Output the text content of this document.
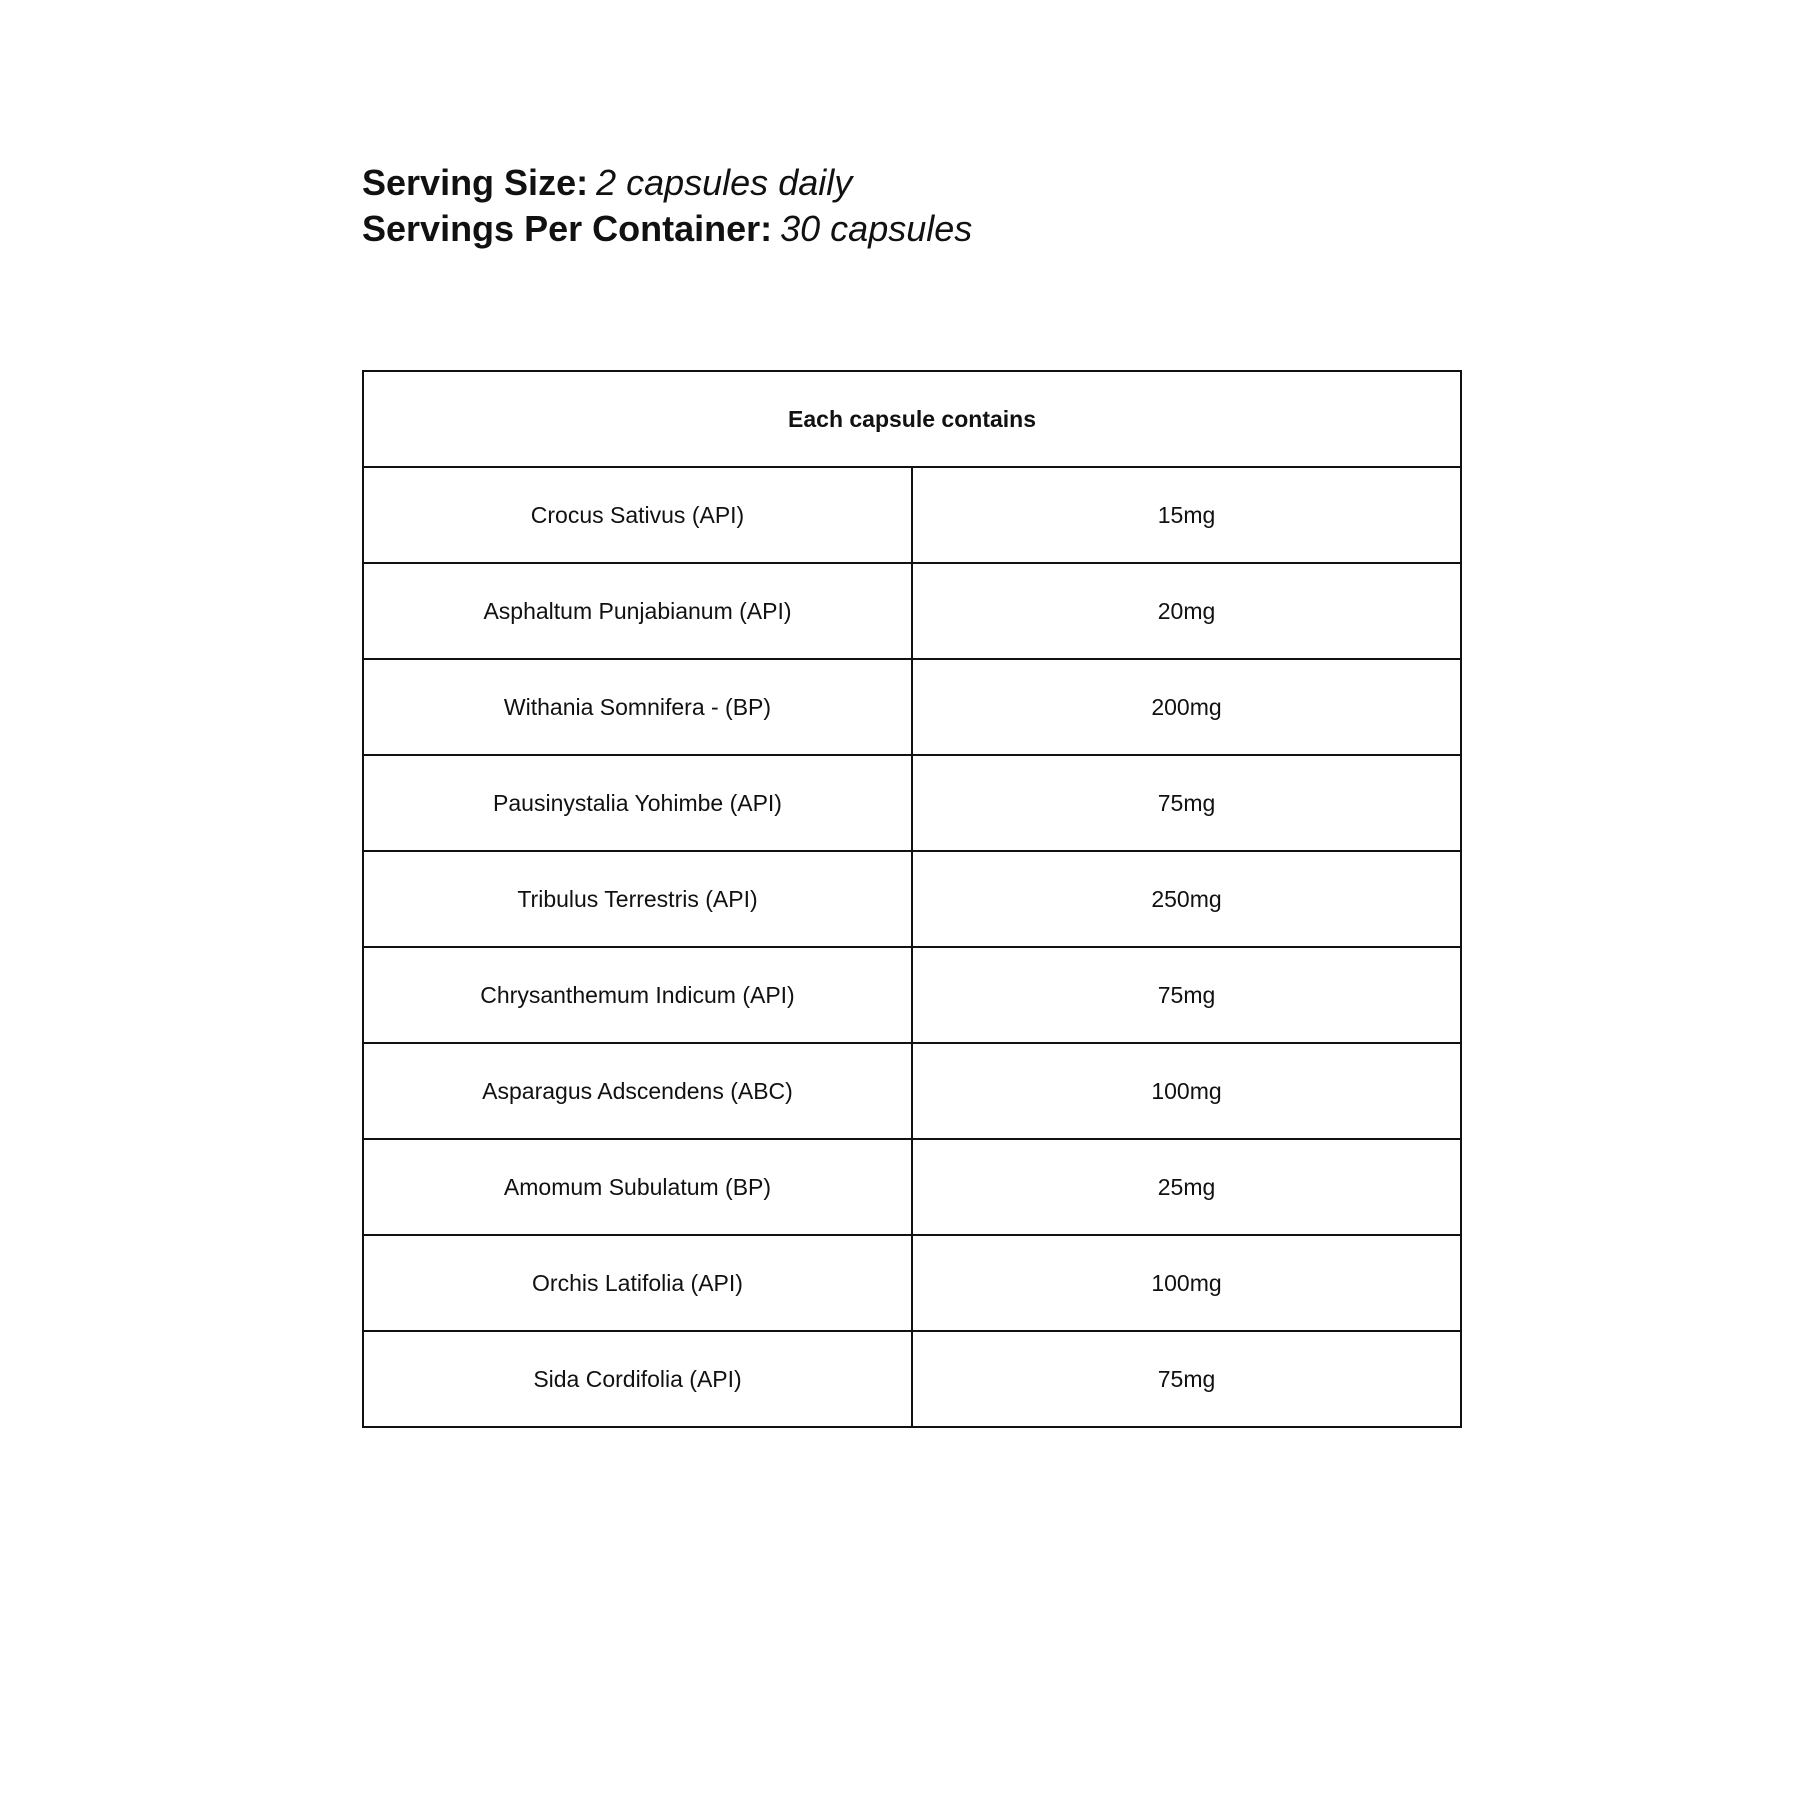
Serving Size: 2 capsules daily
Servings Per Container: 30 capsules
Each capsule contains	
Crocus Sativus (API)	15mg
Asphaltum Punjabianum (API)	20mg
Withania Somnifera - (BP)	200mg
Pausinystalia Yohimbe (API)	75mg
Tribulus Terrestris (API)	250mg
Chrysanthemum Indicum (API)	75mg
Asparagus Adscendens (ABC)	100mg
Amomum Subulatum (BP)	25mg
Orchis Latifolia (API)	100mg
Sida Cordifolia (API)	75mg
